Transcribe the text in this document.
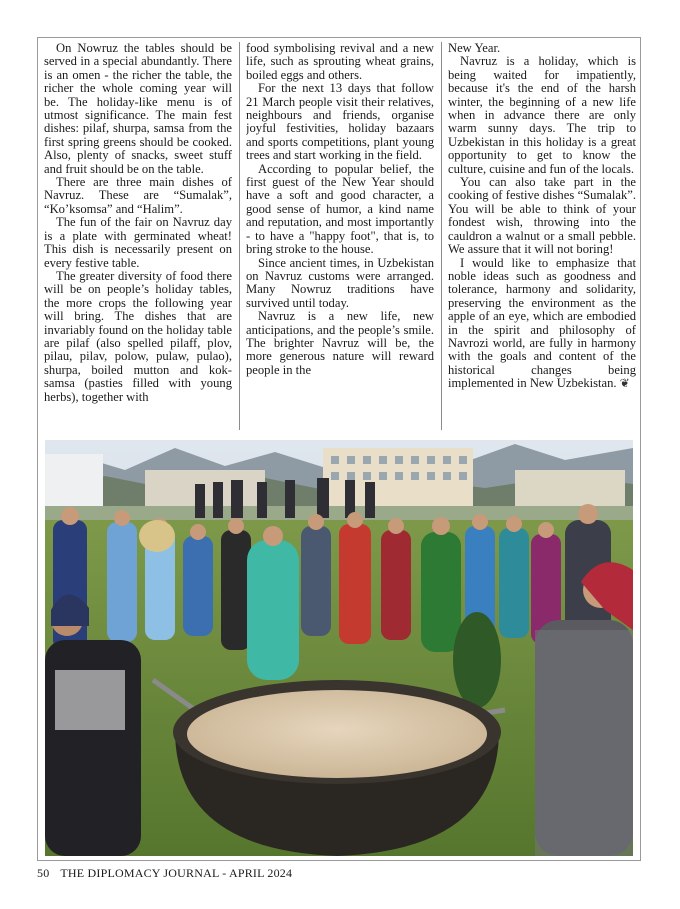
On Nowruz the tables should be served in a special abundantly. There is an omen - the richer the table, the richer the whole coming year will be. The holiday-like menu is of utmost significance. The main fest dishes: pilaf, shurpa, samsa from the first spring greens should be cooked. Also, plenty of snacks, sweet stuff and fruit should be on the table.

There are three main dishes of Navruz. These are “Sumalak”, “Ko’ksomsa” and “Halim”.

The fun of the fair on Navruz day is a plate with germinated wheat! This dish is necessarily present on every festive table.

The greater diversity of food there will be on people’s holiday tables, the more crops the following year will bring. The dishes that are invariably found on the holiday table are pilaf (also spelled pilaff, plov, pilau, pilav, polow, pulaw, pulao), shurpa, boiled mutton and kok-samsa (pasties filled with young herbs), together with

food symbolising revival and a new life, such as sprouting wheat grains, boiled eggs and others.

For the next 13 days that follow 21 March people visit their relatives, neighbours and friends, organise joyful festivities, holiday bazaars and sports competitions, plant young trees and start working in the field.

According to popular belief, the first guest of the New Year should have a soft and good character, a good sense of humor, a kind name and reputation, and most importantly - to have a "happy foot", that is, to bring stroke to the house.

Since ancient times, in Uzbekistan on Navruz customs were arranged. Many Nowruz traditions have survived until today.

Navruz is a new life, new anticipations, and the people’s smile. The brighter Navruz will be, the more generous nature will reward people in the

New Year.

Navruz is a holiday, which is being waited for impatiently, because it's the end of the harsh winter, the beginning of a new life when in advance there are only warm sunny days. The trip to Uzbekistan in this holiday is a great opportunity to get to know the culture, cuisine and fun of the locals.

You can also take part in the cooking of festive dishes “Sumalak”. You will be able to think of your fondest wish, throwing into the cauldron a walnut or a small pebble. We assure that it will not boring!

I would like to emphasize that noble ideas such as goodness and tolerance, harmony and solidarity, preserving the environment as the apple of an eye, which are embodied in the spirit and philosophy of Navrozi world, are fully in harmony with the goals and content of the historical changes being implemented in New Uzbekistan. ❦

50 THE DIPLOMACY JOURNAL - APRIL 2024
